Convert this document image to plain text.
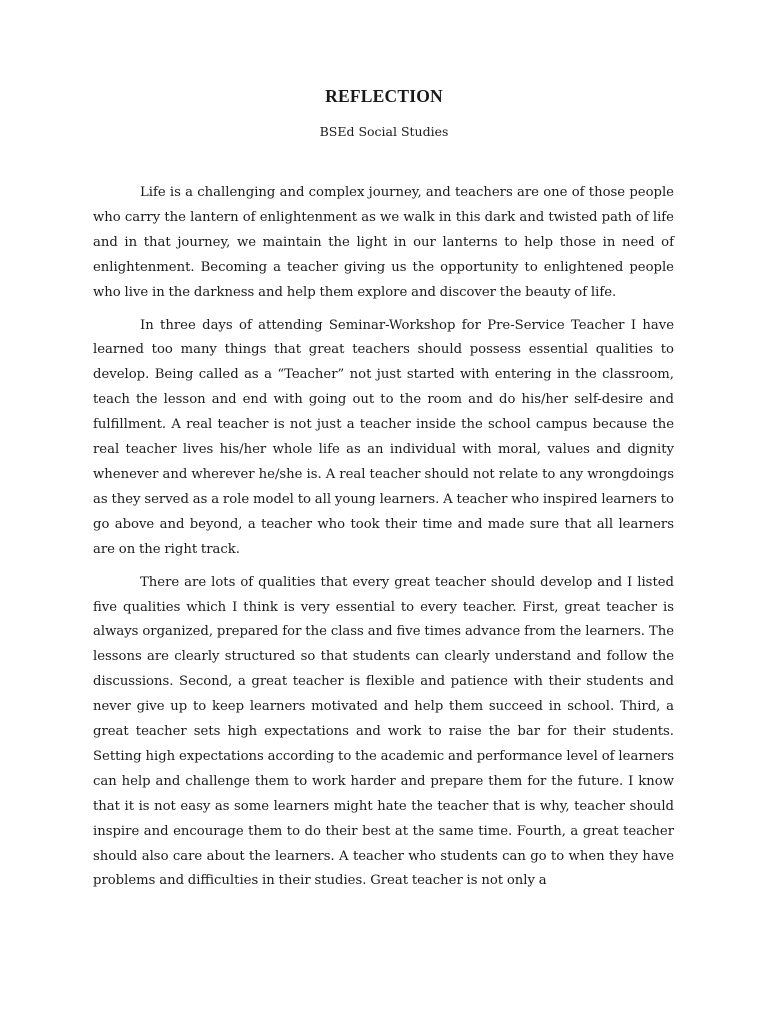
REFLECTION

BSEd Social Studies

Life is a challenging and complex journey, and teachers are one of those people who carry the lantern of enlightenment as we walk in this dark and twisted path of life and in that journey, we maintain the light in our lanterns to help those in need of enlightenment. Becoming a teacher giving us the opportunity to enlightened people who live in the darkness and help them explore and discover the beauty of life.

In three days of attending Seminar-Workshop for Pre-Service Teacher I have learned too many things that great teachers should possess essential qualities to develop. Being called as a “Teacher” not just started with entering in the classroom, teach the lesson and end with going out to the room and do his/her self-desire and fulfillment. A real teacher is not just a teacher inside the school campus because the real teacher lives his/her whole life as an individual with moral, values and dignity whenever and wherever he/she is. A real teacher should not relate to any wrongdoings as they served as a role model to all young learners. A teacher who inspired learners to go above and beyond, a teacher who took their time and made sure that all learners are on the right track.

There are lots of qualities that every great teacher should develop and I listed five qualities which I think is very essential to every teacher. First, great teacher is always organized, prepared for the class and five times advance from the learners. The lessons are clearly structured so that students can clearly understand and follow the discussions. Second, a great teacher is flexible and patience with their students and never give up to keep learners motivated and help them succeed in school. Third, a great teacher sets high expectations and work to raise the bar for their students. Setting high expectations according to the academic and performance level of learners can help and challenge them to work harder and prepare them for the future. I know that it is not easy as some learners might hate the teacher that is why, teacher should inspire and encourage them to do their best at the same time. Fourth, a great teacher should also care about the learners. A teacher who students can go to when they have problems and difficulties in their studies. Great teacher is not only a
